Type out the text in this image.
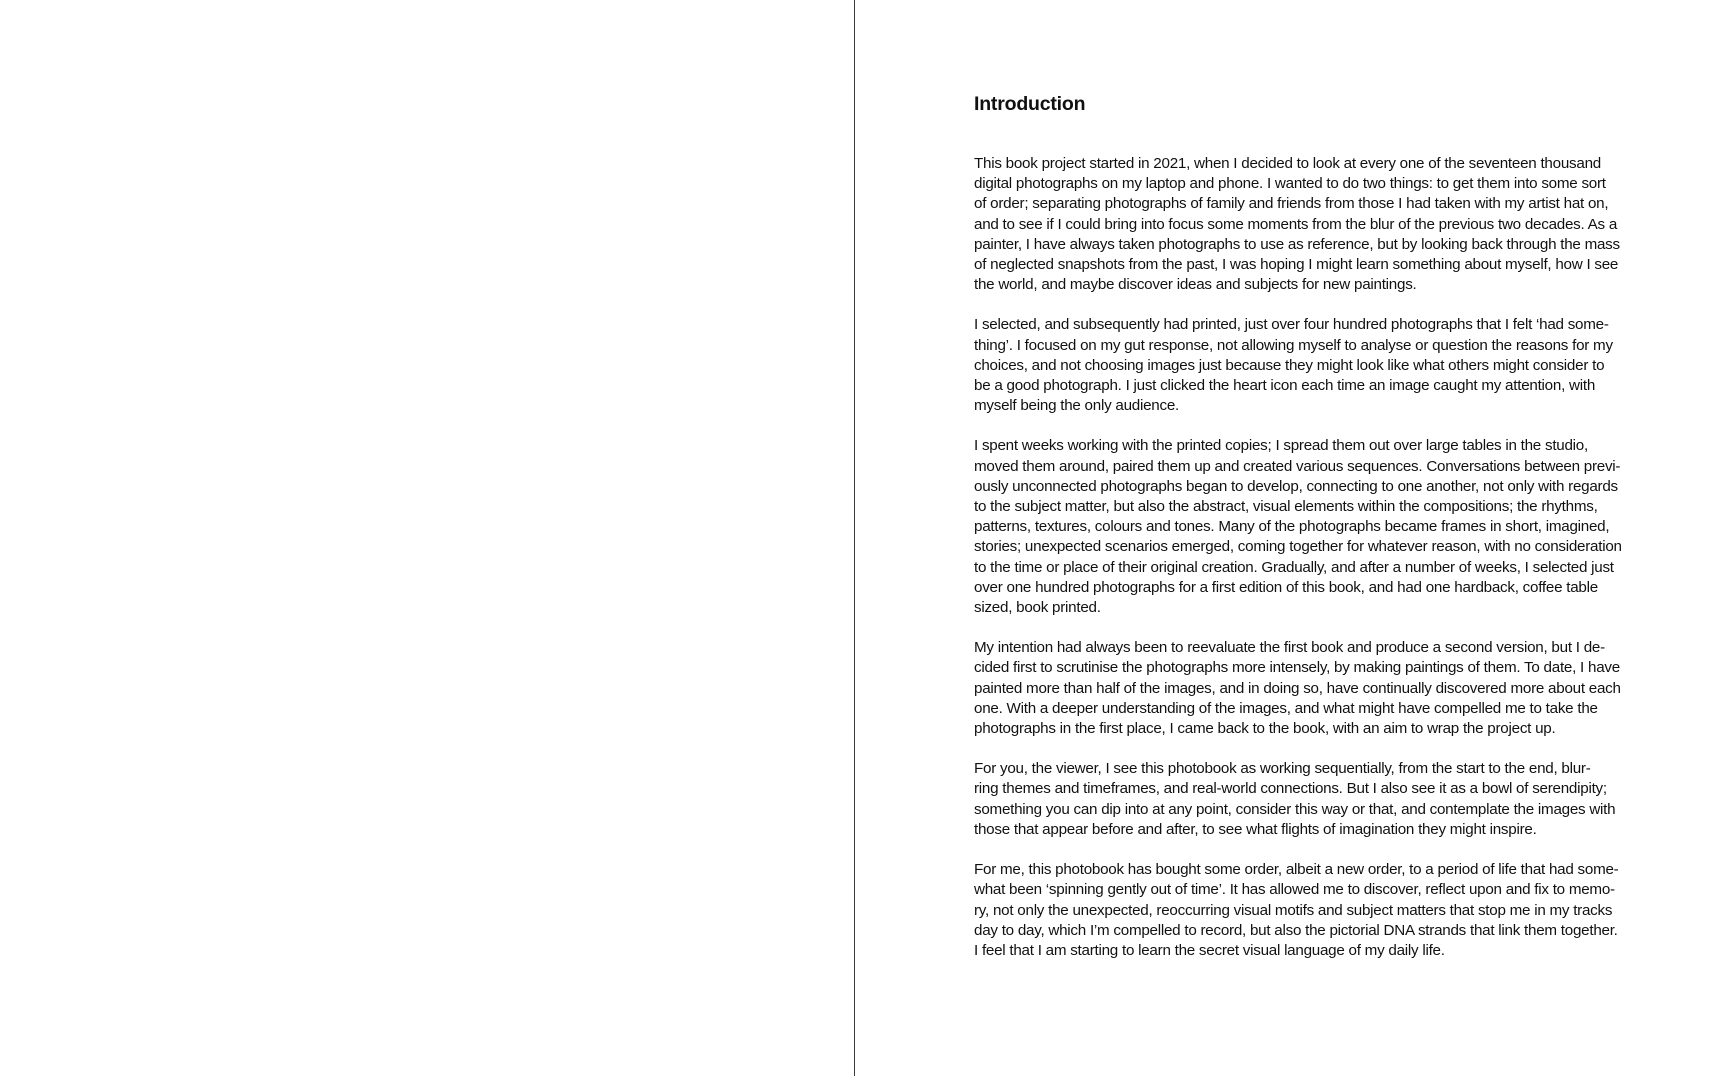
Introduction

This book project started in 2021, when I decided to look at every one of the seventeen thousand
digital photographs on my laptop and phone. I wanted to do two things: to get them into some sort
of order; separating photographs of family and friends from those I had taken with my artist hat on,
and to see if I could bring into focus some moments from the blur of the previous two decades. As a
painter, I have always taken photographs to use as reference, but by looking back through the mass
of neglected snapshots from the past, I was hoping I might learn something about myself, how I see
the world, and maybe discover ideas and subjects for new paintings.

I selected, and subsequently had printed, just over four hundred photographs that I felt ‘had some-
thing’. I focused on my gut response, not allowing myself to analyse or question the reasons for my
choices, and not choosing images just because they might look like what others might consider to
be a good photograph. I just clicked the heart icon each time an image caught my attention, with
myself being the only audience.

I spent weeks working with the printed copies; I spread them out over large tables in the studio,
moved them around, paired them up and created various sequences. Conversations between previ-
ously unconnected photographs began to develop, connecting to one another, not only with regards
to the subject matter, but also the abstract, visual elements within the compositions; the rhythms,
patterns, textures, colours and tones. Many of the photographs became frames in short, imagined,
stories; unexpected scenarios emerged, coming together for whatever reason, with no consideration
to the time or place of their original creation. Gradually, and after a number of weeks, I selected just
over one hundred photographs for a first edition of this book, and had one hardback, coffee table
sized, book printed.

My intention had always been to reevaluate the first book and produce a second version, but I de-
cided first to scrutinise the photographs more intensely, by making paintings of them. To date, I have
painted more than half of the images, and in doing so, have continually discovered more about each
one. With a deeper understanding of the images, and what might have compelled me to take the
photographs in the first place, I came back to the book, with an aim to wrap the project up.

For you, the viewer, I see this photobook as working sequentially, from the start to the end, blur-
ring themes and timeframes, and real-world connections. But I also see it as a bowl of serendipity;
something you can dip into at any point, consider this way or that, and contemplate the images with
those that appear before and after, to see what flights of imagination they might inspire.

For me, this photobook has bought some order, albeit a new order, to a period of life that had some-
what been ‘spinning gently out of time’. It has allowed me to discover, reflect upon and fix to memo-
ry, not only the unexpected, reoccurring visual motifs and subject matters that stop me in my tracks
day to day, which I’m compelled to record, but also the pictorial DNA strands that link them together.
I feel that I am starting to learn the secret visual language of my daily life.
